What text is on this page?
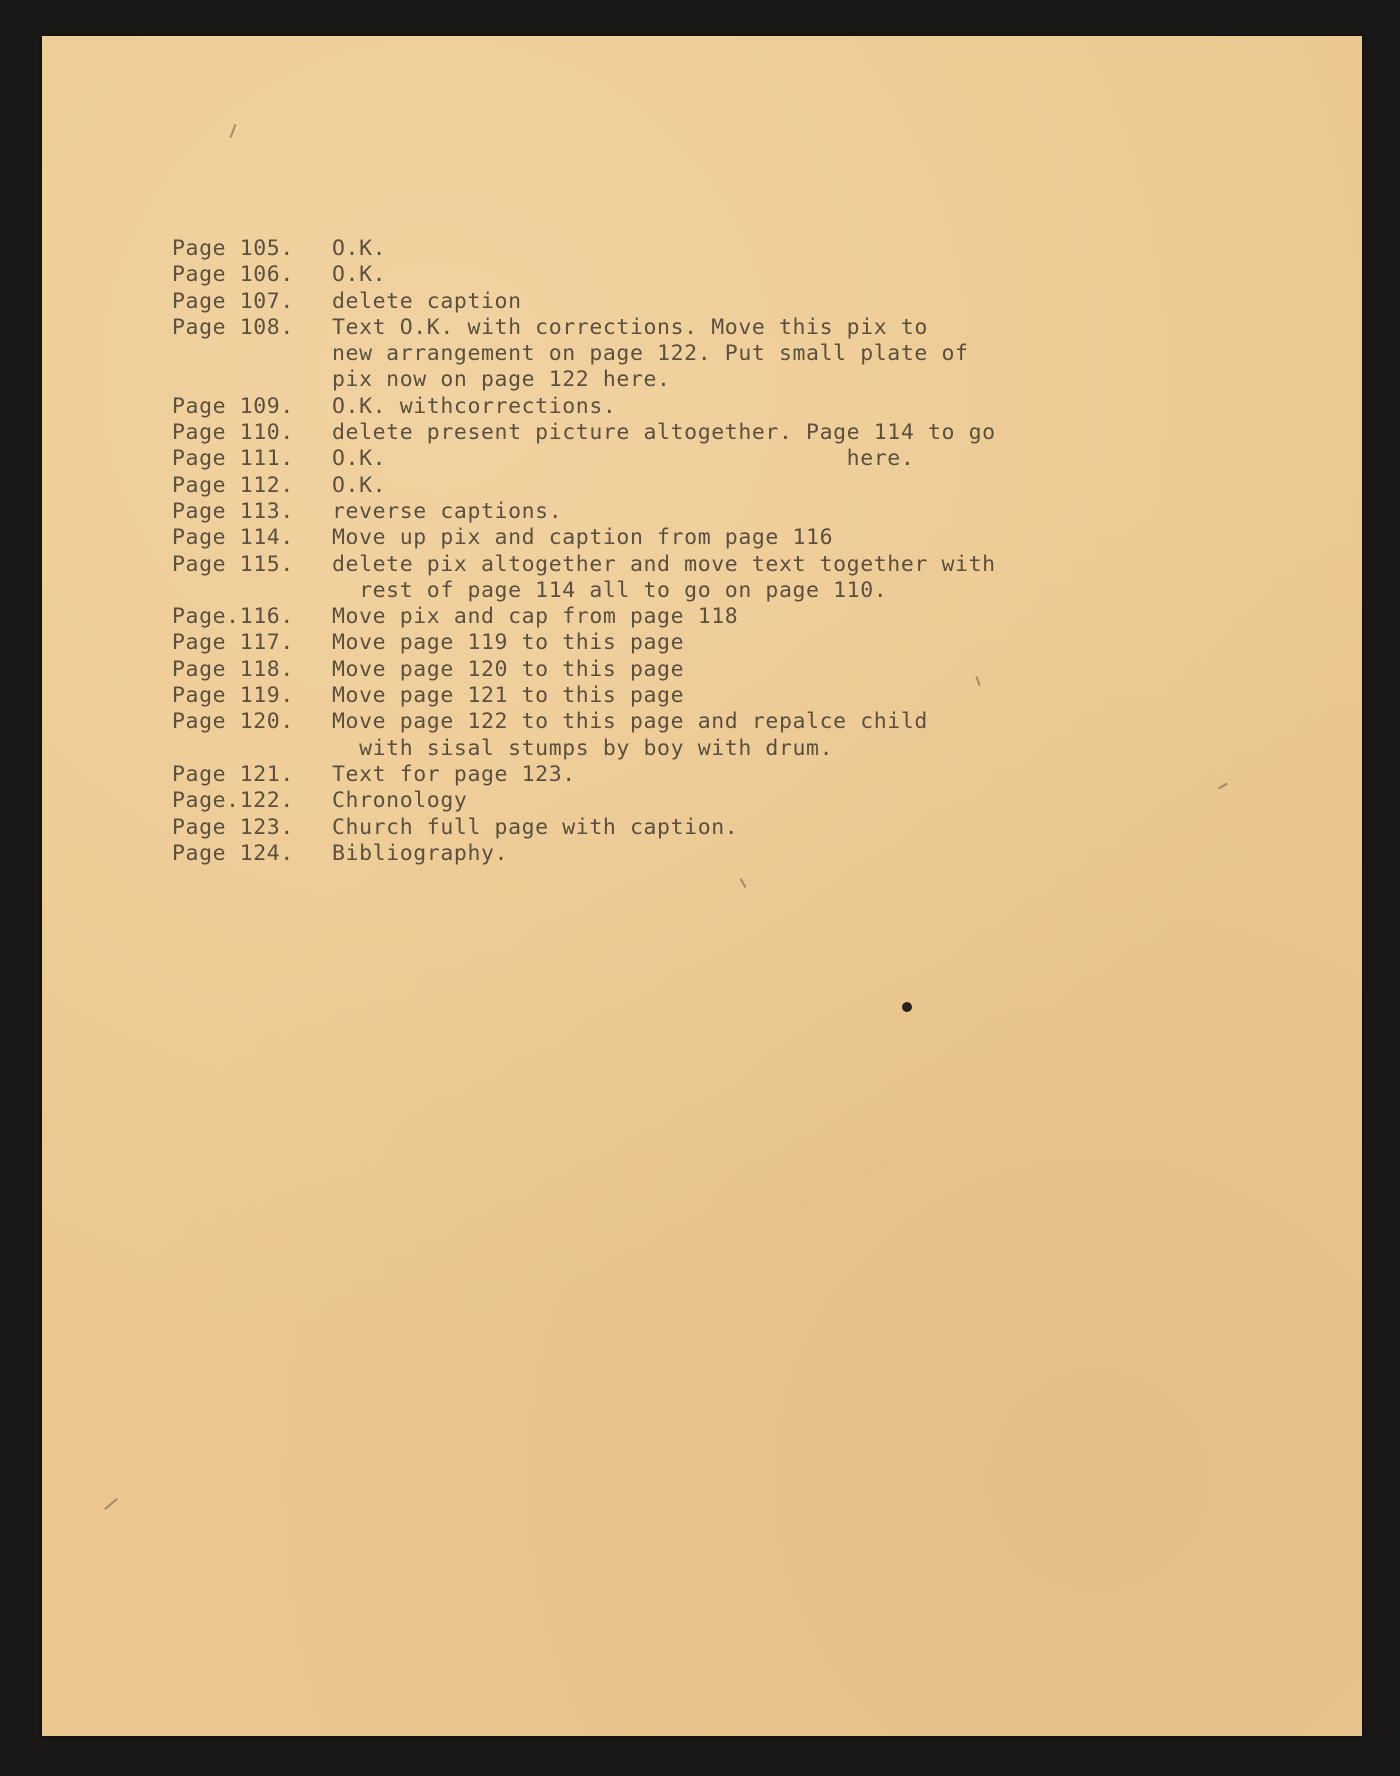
Page 105.	O.K.
Page 106.	O.K.
Page 107.	delete caption
Page 108.	Text O.K. with corrections. Move this pix to
new arrangement on page 122. Put small plate of
pix now on page 122 here.
Page 109.	O.K. withcorrections.
Page 110.	delete present picture altogether. Page 114 to go
Page 111.	O.K.                                  here.
Page 112.	O.K.
Page 113.	reverse captions.
Page 114.	Move up pix and caption from page 116
Page 115.	delete pix altogether and move text together with
rest of page 114 all to go on page 110.
Page.116.	Move pix and cap from page 118
Page 117.	Move page 119 to this page
Page 118.	Move page 120 to this page
Page 119.	Move page 121 to this page
Page 120.	Move page 122 to this page and repalce child
with sisal stumps by boy with drum.
Page 121.	Text for page 123.
Page.122.	Chronology
Page 123.	Church full page with caption.
Page 124.	Bibliography.
